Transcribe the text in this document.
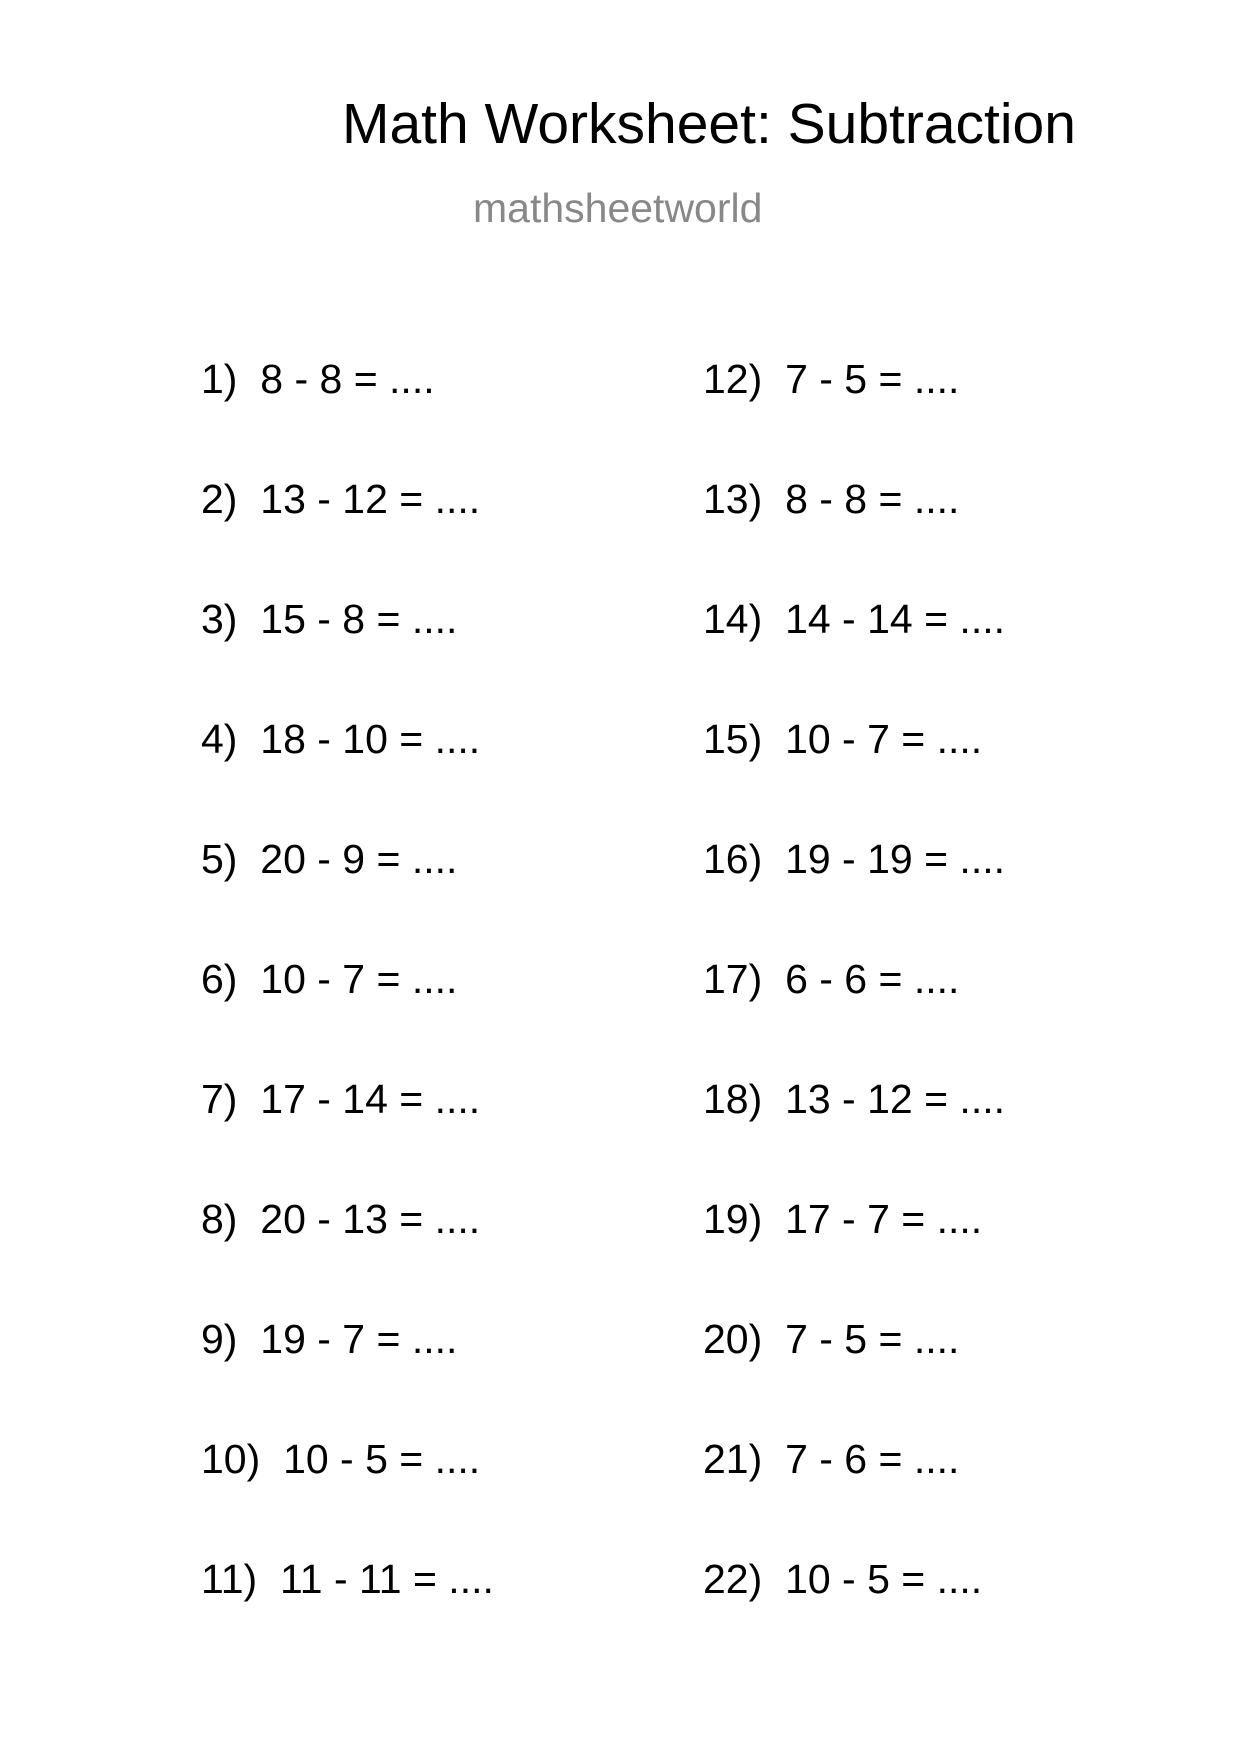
Math Worksheet: Subtraction
mathsheetworld
1) 8 - 8 = ....
2) 13 - 12 = ....
3) 15 - 8 = ....
4) 18 - 10 = ....
5) 20 - 9 = ....
6) 10 - 7 = ....
7) 17 - 14 = ....
8) 20 - 13 = ....
9) 19 - 7 = ....
10) 10 - 5 = ....
11) 11 - 11 = ....
12) 7 - 5 = ....
13) 8 - 8 = ....
14) 14 - 14 = ....
15) 10 - 7 = ....
16) 19 - 19 = ....
17) 6 - 6 = ....
18) 13 - 12 = ....
19) 17 - 7 = ....
20) 7 - 5 = ....
21) 7 - 6 = ....
22) 10 - 5 = ....
